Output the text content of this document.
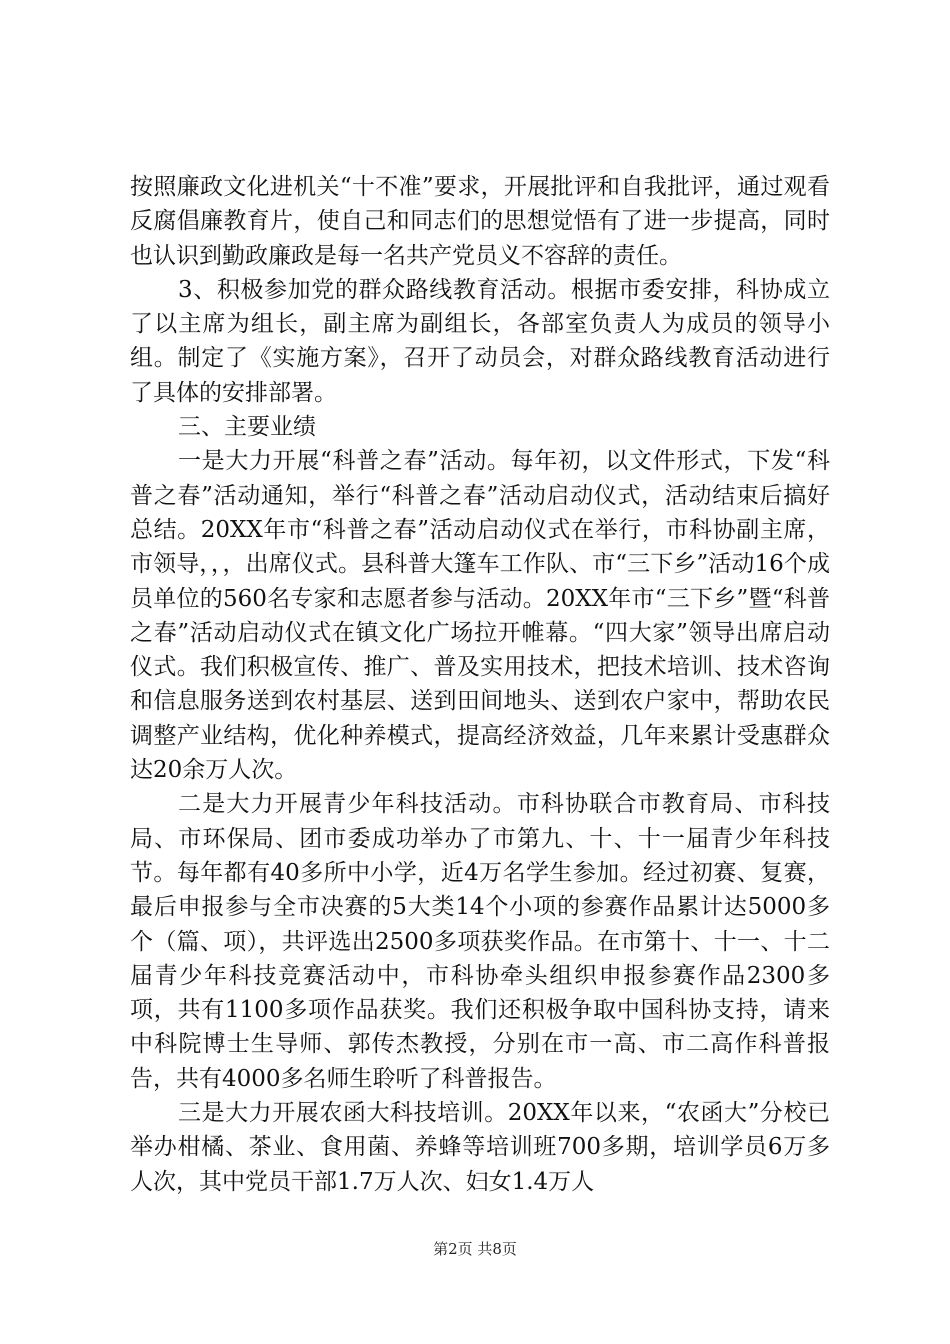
按照廉政文化进机关“十不准”要求，开展批评和自我批评，通过观看反腐倡廉教育片，使自己和同志们的思想觉悟有了进一步提高，同时也认识到勤政廉政是每一名共产党员义不容辞的责任。

3、积极参加党的群众路线教育活动。根据市委安排，科协成立了以主席为组长，副主席为副组长，各部室负责人为成员的领导小组。制定了《实施方案》，召开了动员会，对群众路线教育活动进行了具体的安排部署。

三、主要业绩

一是大力开展“科普之春”活动。每年初，以文件形式，下发“科普之春”活动通知，举行“科普之春”活动启动仪式，活动结束后搞好总结。20XX年市“科普之春”活动启动仪式在举行，市科协副主席，市领导，，，出席仪式。县科普大篷车工作队、市“三下乡”活动16个成员单位的560名专家和志愿者参与活动。20XX年市“三下乡”暨“科普之春”活动启动仪式在镇文化广场拉开帷幕。“四大家”领导出席启动仪式。我们积极宣传、推广、普及实用技术，把技术培训、技术咨询和信息服务送到农村基层、送到田间地头、送到农户家中，帮助农民调整产业结构，优化种养模式，提高经济效益，几年来累计受惠群众达20余万人次。

二是大力开展青少年科技活动。市科协联合市教育局、市科技局、市环保局、团市委成功举办了市第九、十、十一届青少年科技节。每年都有40多所中小学，近4万名学生参加。经过初赛、复赛，最后申报参与全市决赛的5大类14个小项的参赛作品累计达5000多个（篇、项），共评选出2500多项获奖作品。在市第十、十一、十二届青少年科技竞赛活动中，市科协牵头组织申报参赛作品2300多项，共有1100多项作品获奖。我们还积极争取中国科协支持，请来中科院博士生导师、郭传杰教授，分别在市一高、市二高作科普报告，共有4000多名师生聆听了科普报告。

三是大力开展农函大科技培训。20XX年以来，“农函大”分校已举办柑橘、茶业、食用菌、养蜂等培训班700多期，培训学员6万多人次，其中党员干部1.7万人次、妇女1.4万人

第2页 共8页
